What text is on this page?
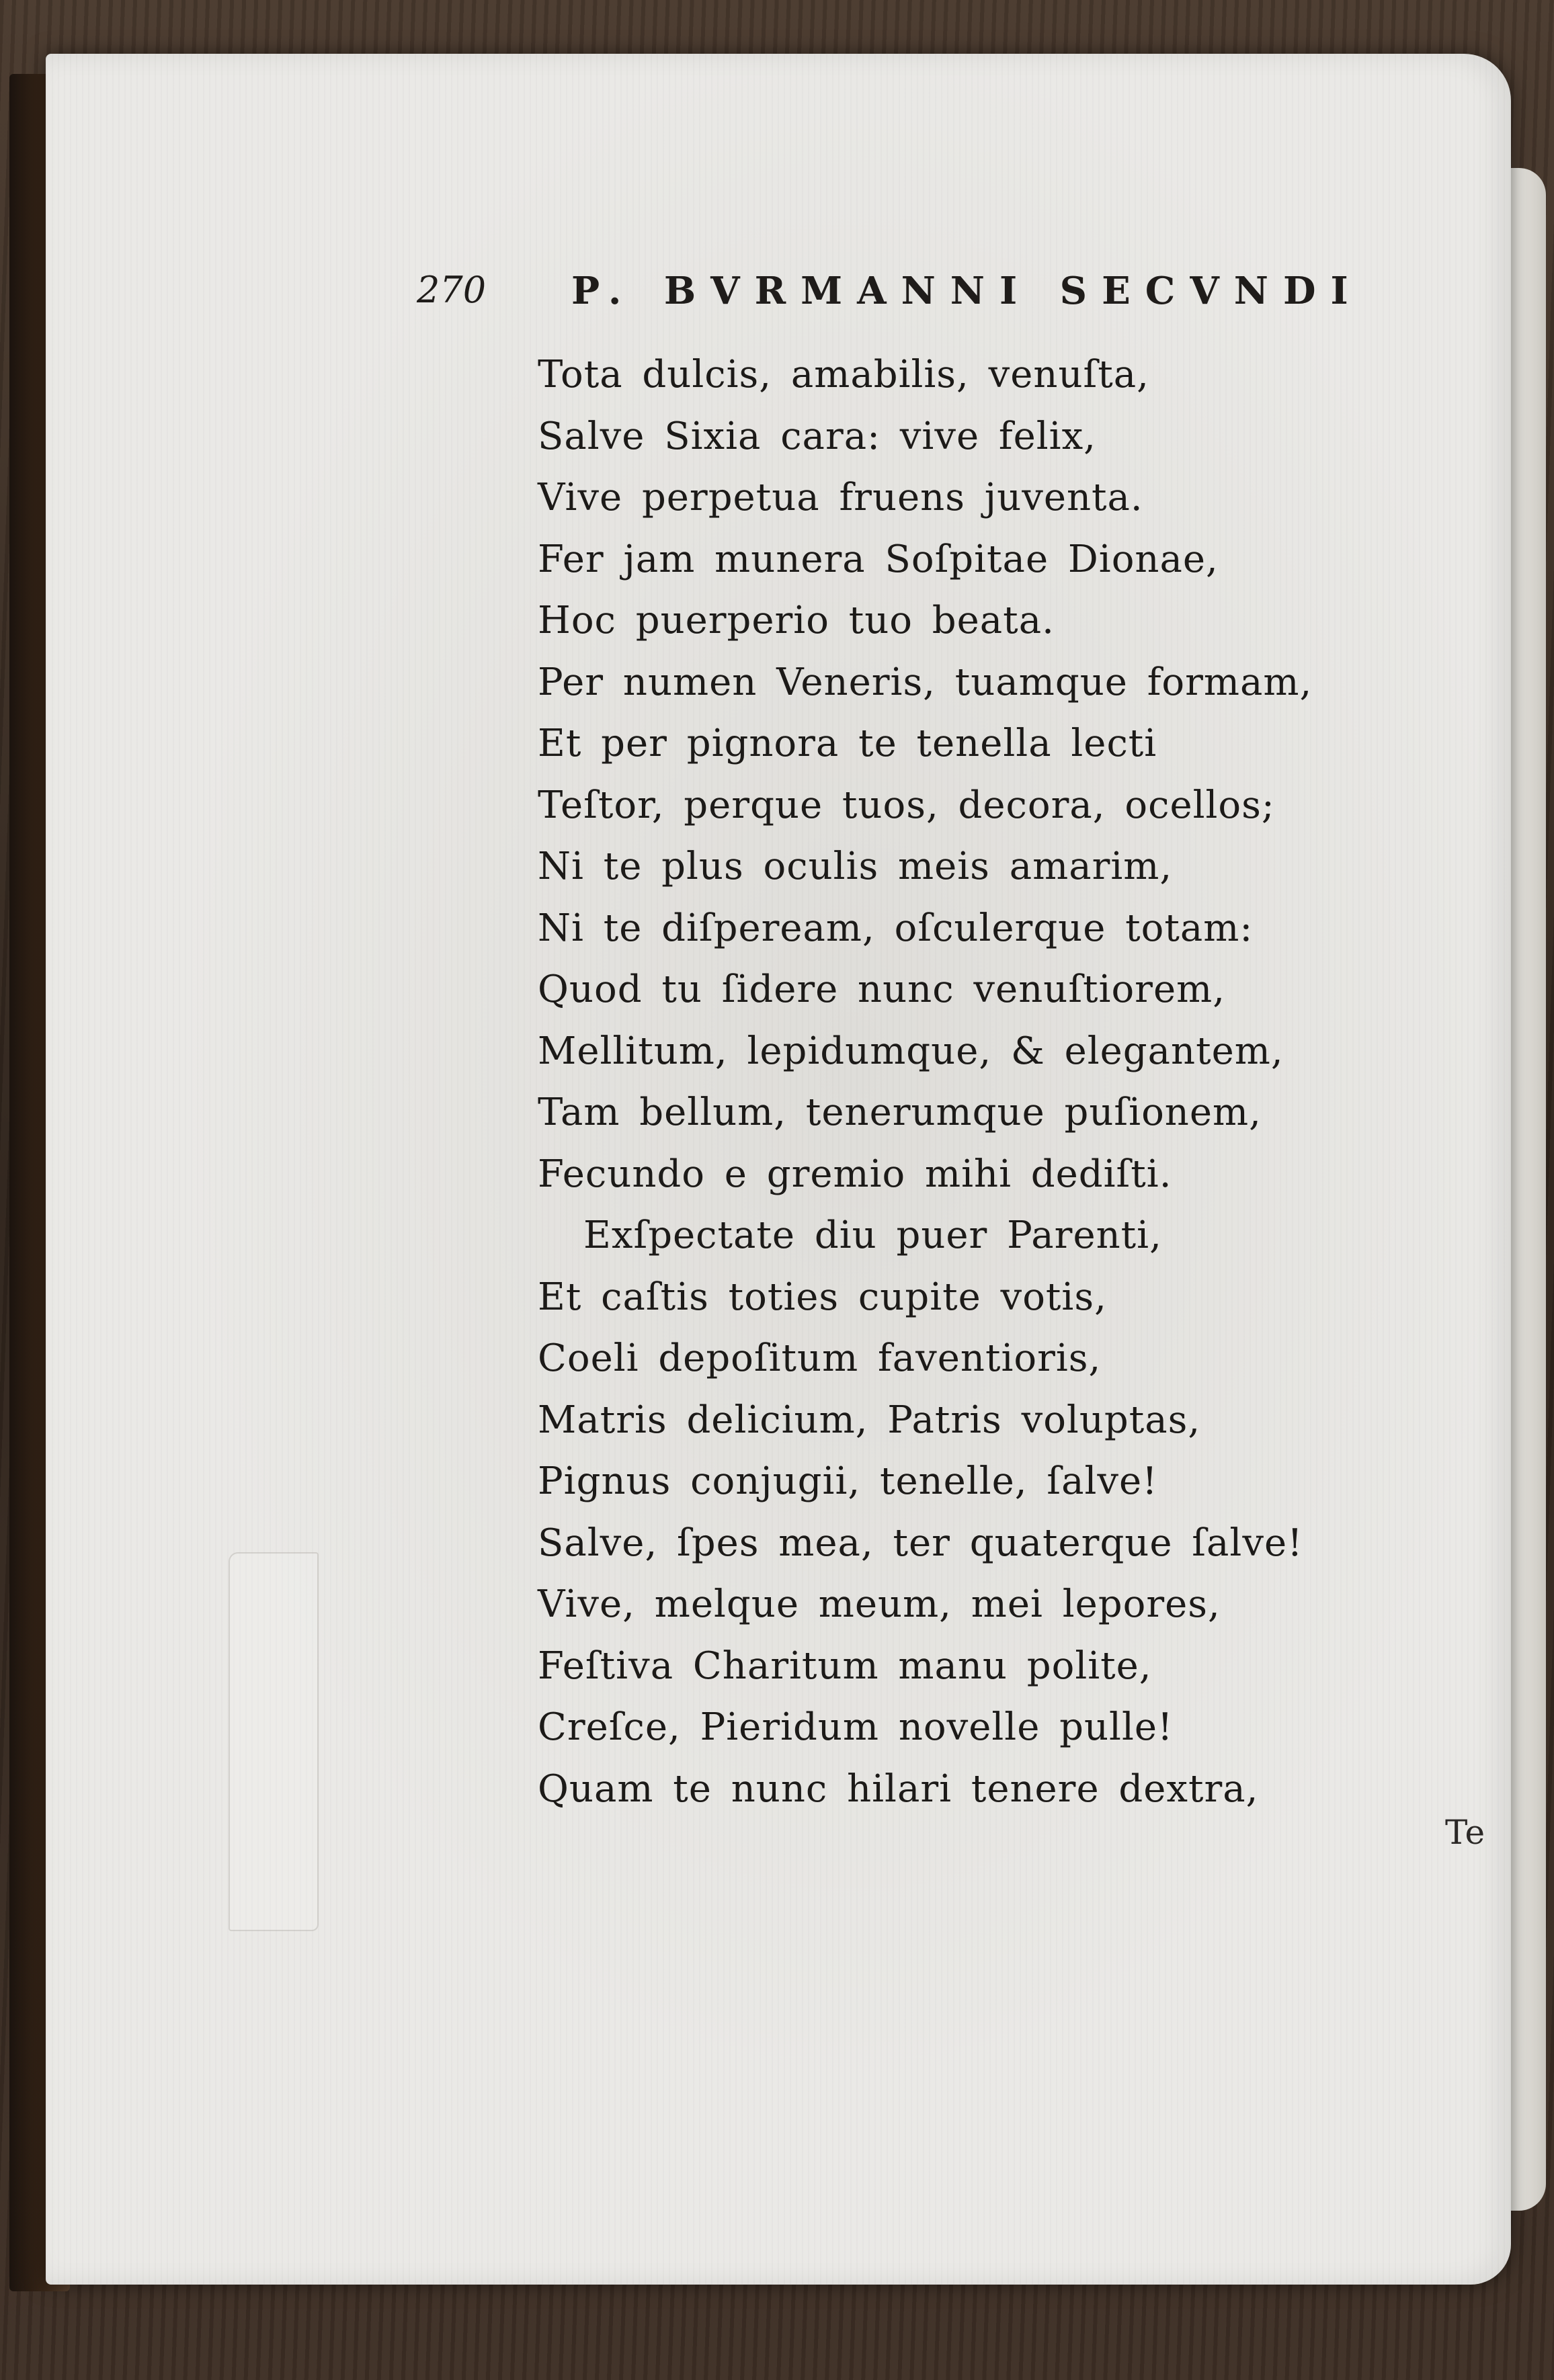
270 P. BVRMANNI SECVNDI
Tota dulcis, amabilis, venuſta,
Salve Sixia cara: vive felix,
Vive perpetua fruens juventa.
Fer jam munera Soſpitae Dionae,
Hoc puerperio tuo beata.
Per numen Veneris, tuamque formam,
Et per pignora te tenella lecti
Teſtor, perque tuos, decora, ocellos;
Ni te plus oculis meis amarim,
Ni te diſpeream, oſculerque totam:
Quod tu ſidere nunc venuſtiorem,
Mellitum, lepidumque, & elegantem,
Tam bellum, tenerumque puſionem,
Fecundo e gremio mihi dediſti.
Exſpectate diu puer Parenti,
Et caſtis toties cupite votis,
Coeli depoſitum faventioris,
Matris delicium, Patris voluptas,
Pignus conjugii, tenelle, ſalve!
Salve, ſpes mea, ter quaterque ſalve!
Vive, melque meum, mei lepores,
Feſtiva Charitum manu polite,
Creſce, Pieridum novelle pulle!
Quam te nunc hilari tenere dextra,
Te
